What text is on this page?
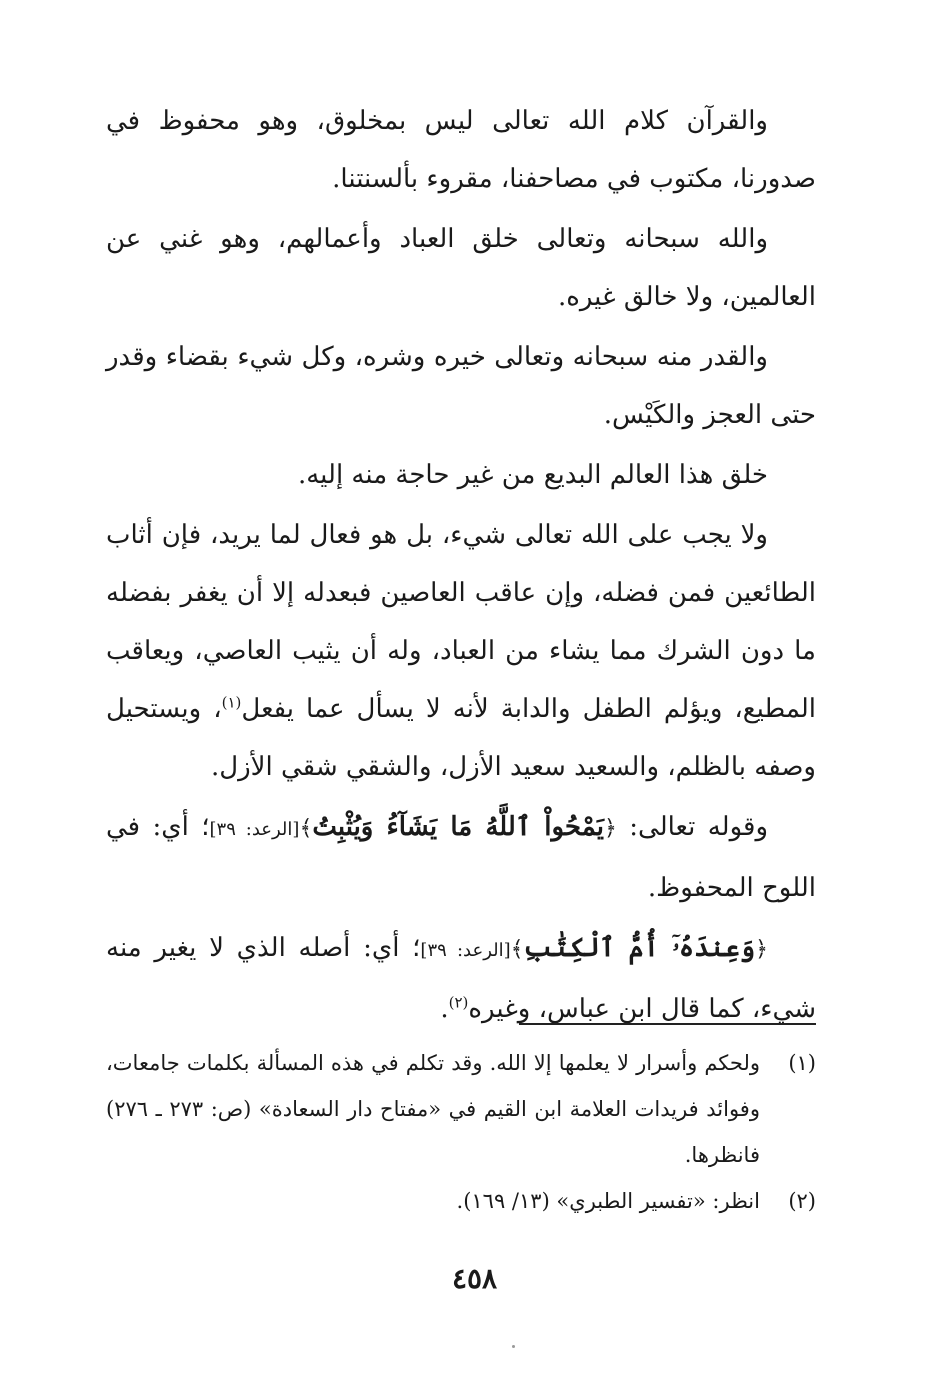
والقرآن كلام الله تعالى ليس بمخلوق، وهو محفوظ في صدورنا، مكتوب في مصاحفنا، مقروء بألسنتنا.

والله سبحانه وتعالى خلق العباد وأعمالهم، وهو غني عن العالمين، ولا خالق غيره.

والقدر منه سبحانه وتعالى خيره وشره، وكل شيء بقضاء وقدر حتى العجز والكَيْس.

خلق هذا العالم البديع من غير حاجة منه إليه.

ولا يجب على الله تعالى شيء، بل هو فعال لما يريد، فإن أثاب الطائعين فمن فضله، وإن عاقب العاصين فبعدله إلا أن يغفر بفضله ما دون الشرك مما يشاء من العباد، وله أن يثيب العاصي، ويعاقب المطيع، ويؤلم الطفل والدابة لأنه لا يسأل عما يفعل$^{(١)}$، ويستحيل وصفه بالظلم، والسعيد سعيد الأزل، والشقي شقي الأزل.

وقوله تعالى: ﴿يَمْحُواْ ٱللَّهُ مَا يَشَآءُ وَيُثْبِتُ﴾[الرعد: ٣٩]؛ أي: في اللوح المحفوظ.

﴿وَعِندَهُۥٓ أُمُّ ٱلْكِتَٰبِ﴾[الرعد: ٣٩]؛ أي: أصله الذي لا يغير منه شيء، كما قال ابن عباس، وغيره$^{(٢)}$.

(١)
ولحكم وأسرار لا يعلمها إلا الله. وقد تكلم في هذه المسألة بكلمات جامعات، وفوائد فريدات العلامة ابن القيم في «مفتاح دار السعادة» (ص: ٢٧٣ ـ ٢٧٦) فانظرها.
(٢)
انظر: «تفسير الطبري» (١٣/ ١٦٩).
٤٥٨
